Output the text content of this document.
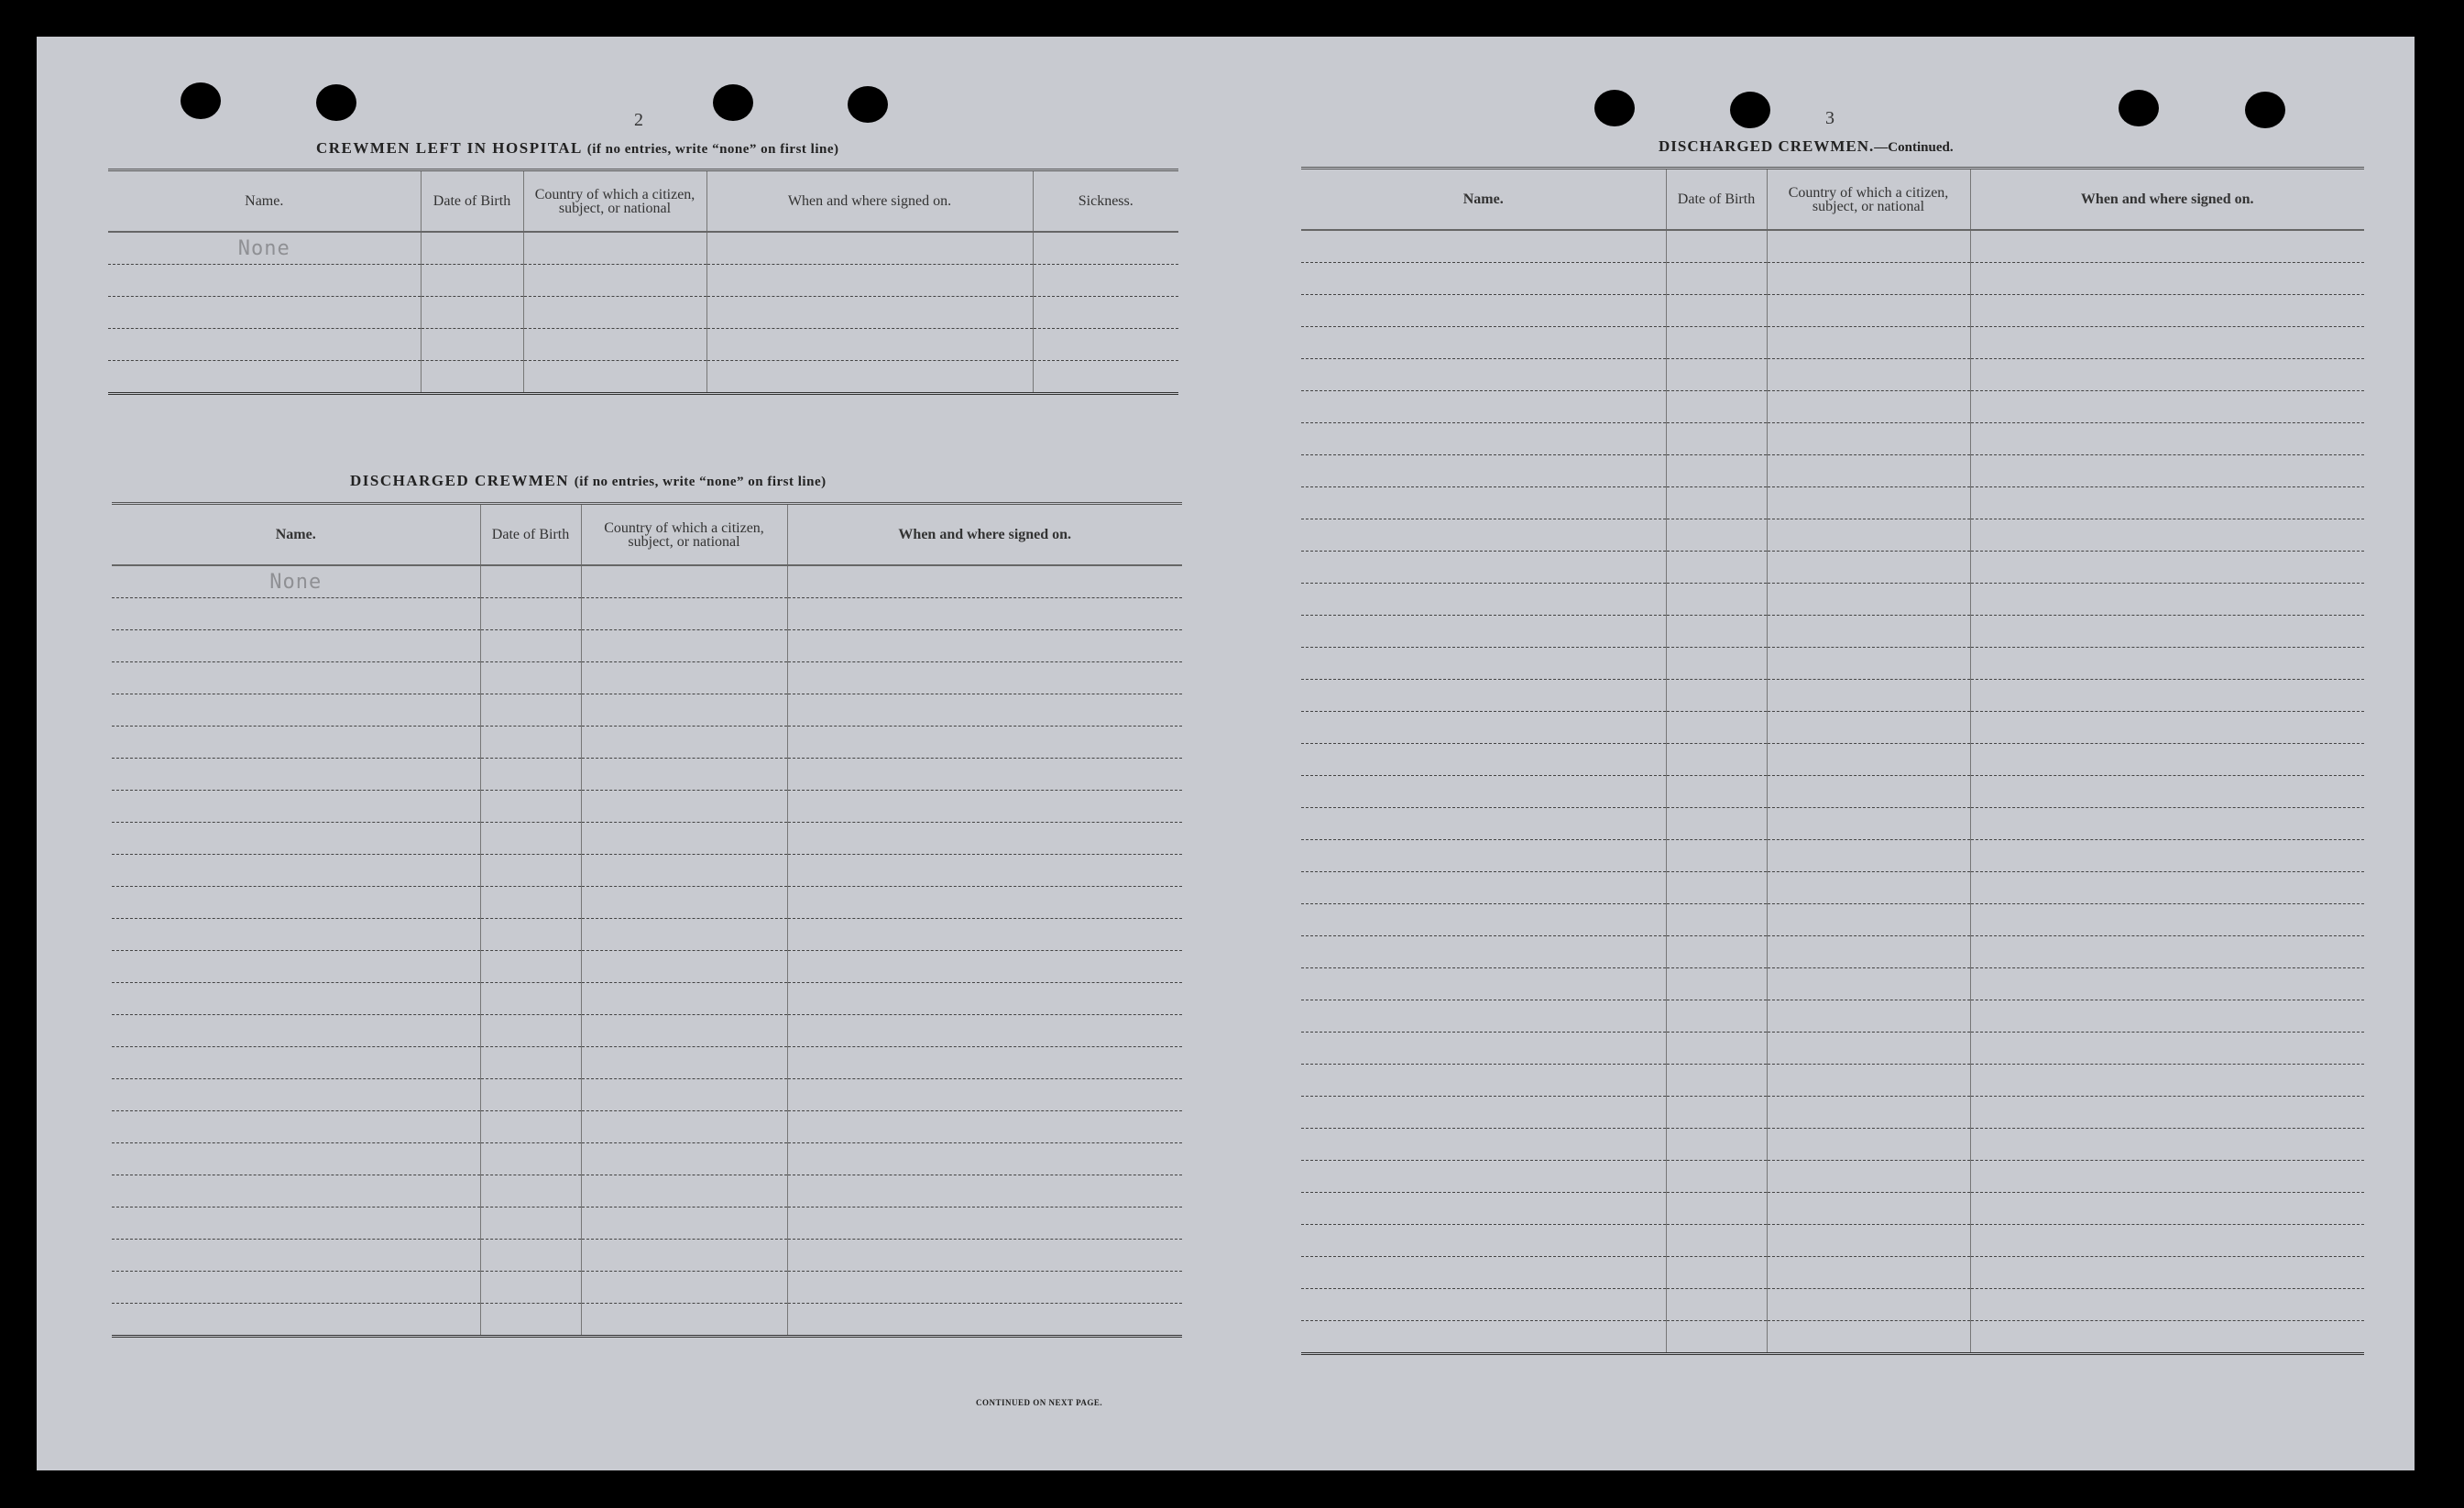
2
CREWMEN LEFT IN HOSPITAL (if no entries, write “none” on first line)
Name.	Date of Birth	Country of which a citizen, subject, or national	When and where signed on.	Sickness.
None				

DISCHARGED CREWMEN (if no entries, write “none” on first line)
Name.	Date of Birth	Country of which a citizen, subject, or national	When and where signed on.
None			

CONTINUED ON NEXT PAGE.
3
DISCHARGED CREWMEN.—Continued.
Name.	Date of Birth	Country of which a citizen, subject, or national	When and where signed on.
